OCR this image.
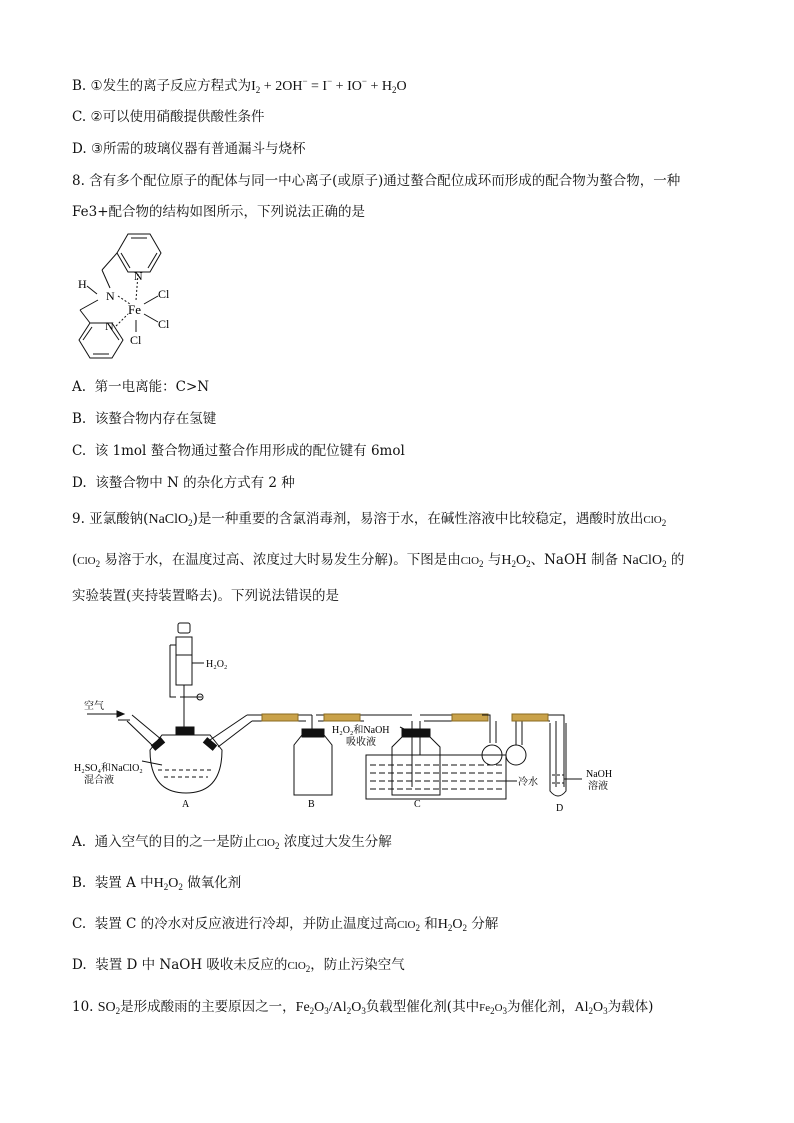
B. ①发生的离子反应方程式为$I_2 + 2OH^- = I^- + IO^- + H_2O$
C. ②可以使用硝酸提供酸性条件
D. ③所需的玻璃仪器有普通漏斗与烧杯
8. 含有多个配位原子的配体与同一中心离子(或原子)通过螯合配位成环而形成的配合物为螯合物，一种
Fe3+配合物的结构如图所示，下列说法正确的是
N
N
H
Fe
Cl
Cl
Cl
N
A. 第一电离能：C>N
B. 该螯合物内存在氢键
C. 该 1mol 螯合物通过螯合作用形成的配位键有 6mol
D. 该螯合物中 N 的杂化方式有 2 种
9. 亚氯酸钠(NaClO$_2$)是一种重要的含氯消毒剂，易溶于水，在碱性溶液中比较稳定，遇酸时放出ClO$_2$
(ClO$_2$ 易溶于水，在温度过高、浓度过大时易发生分解)。下图是由ClO$_2$ 与$H_2O_2$、NaOH 制备 NaClO$_2$ 的
实验装置(夹持装置略去)。下列说法错误的是
H₂O₂
空气
H₂SO₄和NaClO₂
混合液
H₂O₂和NaOH
吸收液
冷水
NaOH
溶液
A	B	C	D
A. 通入空气的目的之一是防止ClO$_2$ 浓度过大发生分解
B. 装置 A 中$H_2O_2$ 做氧化剂
C. 装置 C 的冷水对反应液进行冷却，并防止温度过高ClO$_2$ 和$H_2O_2$ 分解
D. 装置 D 中 NaOH 吸收未反应的ClO$_2$，防止污染空气
10. $SO_2$是形成酸雨的主要原因之一，$Fe_2O_3/Al_2O_3$负载型催化剂(其中$Fe_2O_3$为催化剂，$Al_2O_3$为载体)
